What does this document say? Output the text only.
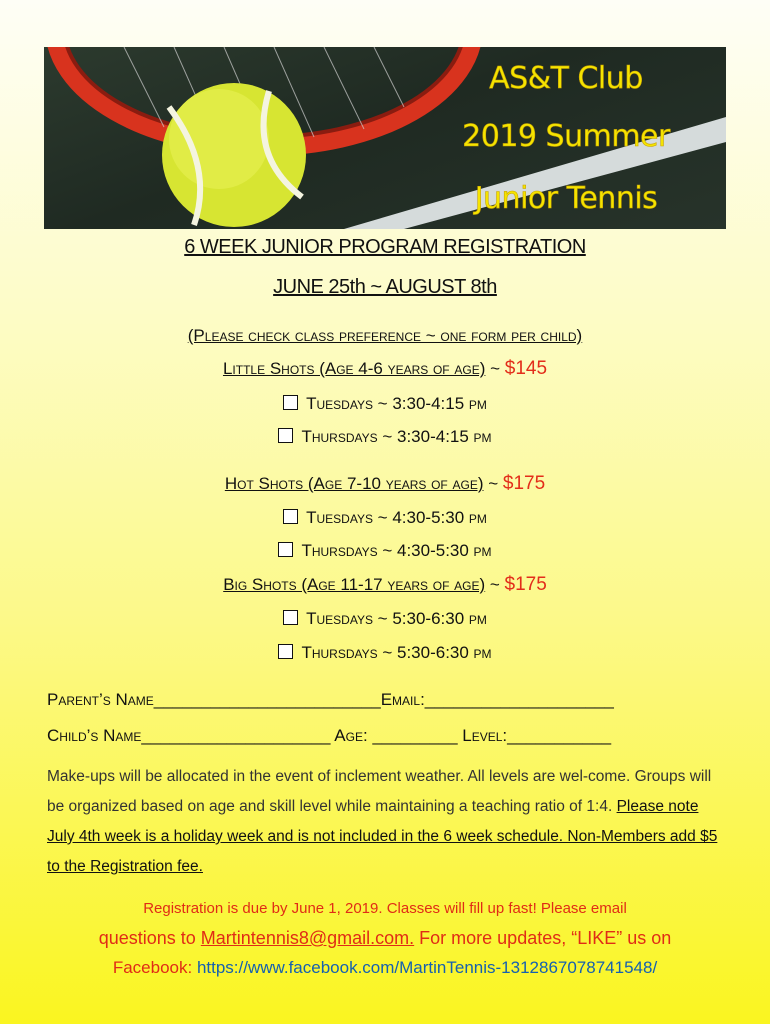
AS&T Club
2019 Summer
Junior Tennis
6 WEEK JUNIOR PROGRAM REGISTRATION
JUNE 25th ~ AUGUST 8th
(Please check class preference ~ one form per child)
Little Shots (Age 4-6 years of age) ~ $145
Tuesdays ~ 3:30-4:15 pm
Thursdays ~ 3:30-4:15 pm
Hot Shots (Age 7-10 years of age) ~ $175
Tuesdays ~ 4:30-5:30 pm
Thursdays ~ 4:30-5:30 pm
Big Shots (Age 11-17 years of age) ~ $175
Tuesdays ~ 5:30-6:30 pm
Thursdays ~ 5:30-6:30 pm
Parent’s Name________________________Email:____________________
Child’s Name____________________ Age: _________ Level:___________
Make-ups will be allocated in the event of inclement weather. All levels are wel-come. Groups will be organized based on age and skill level while maintaining a teaching ratio of 1:4. Please note July 4th week is a holiday week and is not included in the 6 week schedule. Non-Members add $5 to the Registration fee.
Registration is due by June 1, 2019. Classes will fill up fast! Please email
questions to Martintennis8@gmail.com. For more updates, “LIKE” us on
Facebook: https://www.facebook.com/MartinTennis-1312867078741548/
